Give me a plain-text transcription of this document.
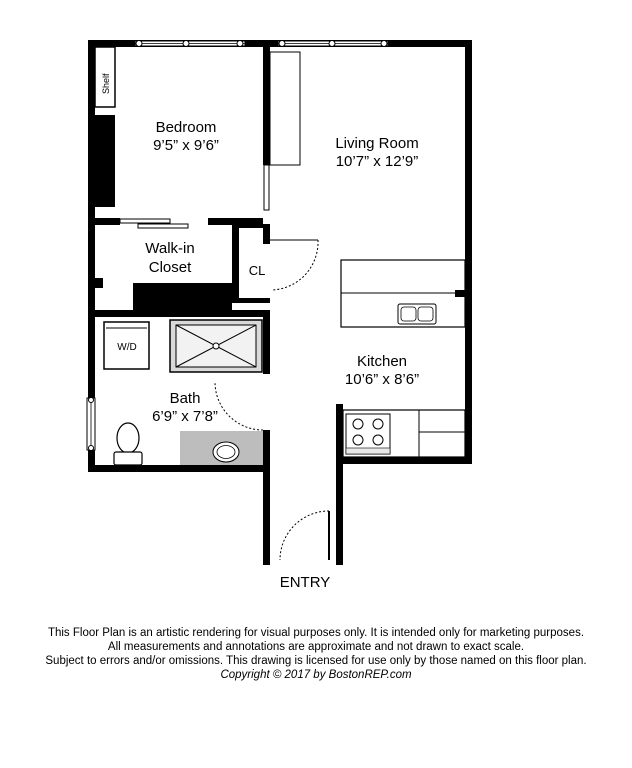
Shelf
Bedroom
9’5” x 9’6”	Living Room
10’7” x 12’9”
Walk-in
Closet	CL
W/D
Kitchen
10’6” x 8’6”
Bath
6’9” x 7’8”
ENTRY
This Floor Plan is an artistic rendering for visual purposes only. It is intended only for marketing purposes.
All measurements and annotations are approximate and not drawn to exact scale.
Subject to errors and/or omissions. This drawing is licensed for use only by those named on this floor plan.
Copyright © 2017 by BostonREP.com
